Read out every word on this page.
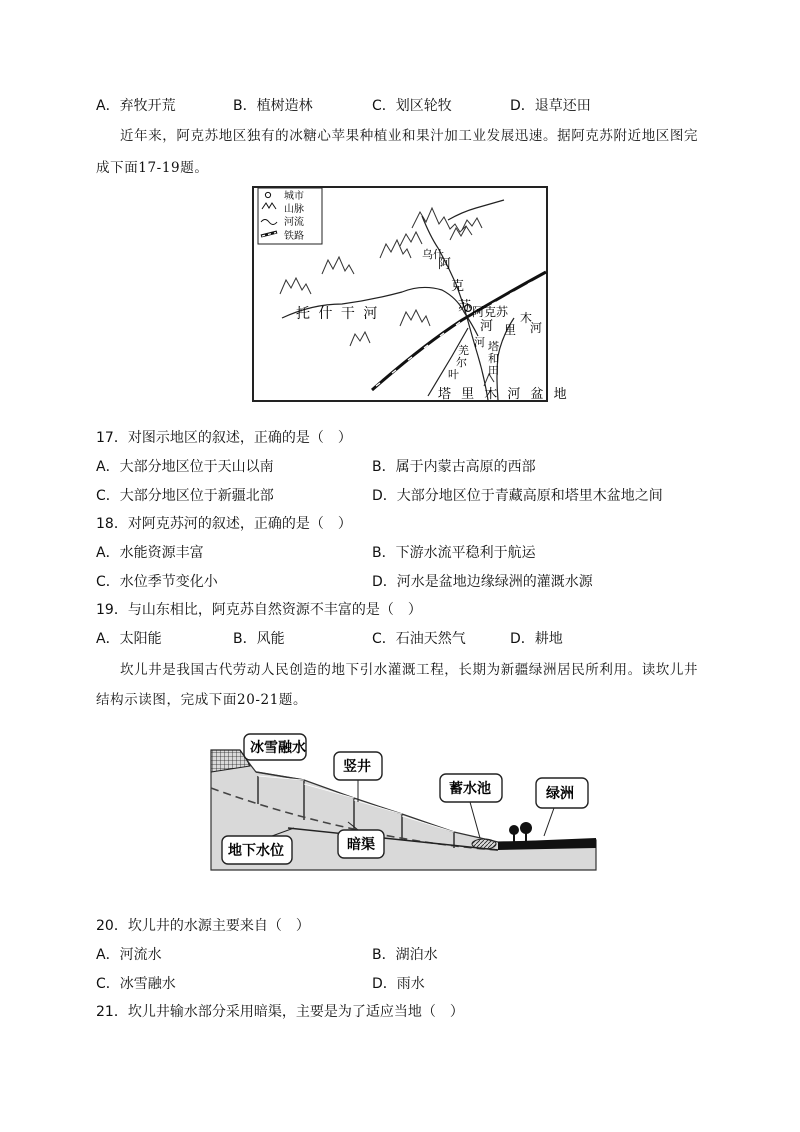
A．弃牧开荒	B．植树造林	C．划区轮牧	D．退草还田
近年来，阿克苏地区独有的冰糖心苹果种植业和果汁加工业发展迅速。据阿克苏附近地区图完
成下面17-19题。
城市
山脉
河流
铁路
托 什 干 河	阿克苏
乌什
阿
克
苏
河
羌
尔
叶
河 塔
和
田
里
木
河
塔 里 木 河 盆 地
17．对图示地区的叙述，正确的是（　）
A．大部分地区位于天山以南	B．属于内蒙古高原的西部
C．大部分地区位于新疆北部	D．大部分地区位于青藏高原和塔里木盆地之间
18．对阿克苏河的叙述，正确的是（　）
A．水能资源丰富	B．下游水流平稳利于航运
C．水位季节变化小	D．河水是盆地边缘绿洲的灌溉水源
19．与山东相比，阿克苏自然资源不丰富的是（　）
A．太阳能	B．风能	C．石油天然气	D．耕地
坎儿井是我国古代劳动人民创造的地下引水灌溉工程，长期为新疆绿洲居民所利用。读坎儿井
结构示读图，完成下面20-21题。
冰雪融水
竖井
蓄水池	绿洲
地下水位	暗渠
20．坎儿井的水源主要来自（　）
A．河流水	B．湖泊水
C．冰雪融水	D．雨水
21．坎儿井输水部分采用暗渠，主要是为了适应当地（　）
